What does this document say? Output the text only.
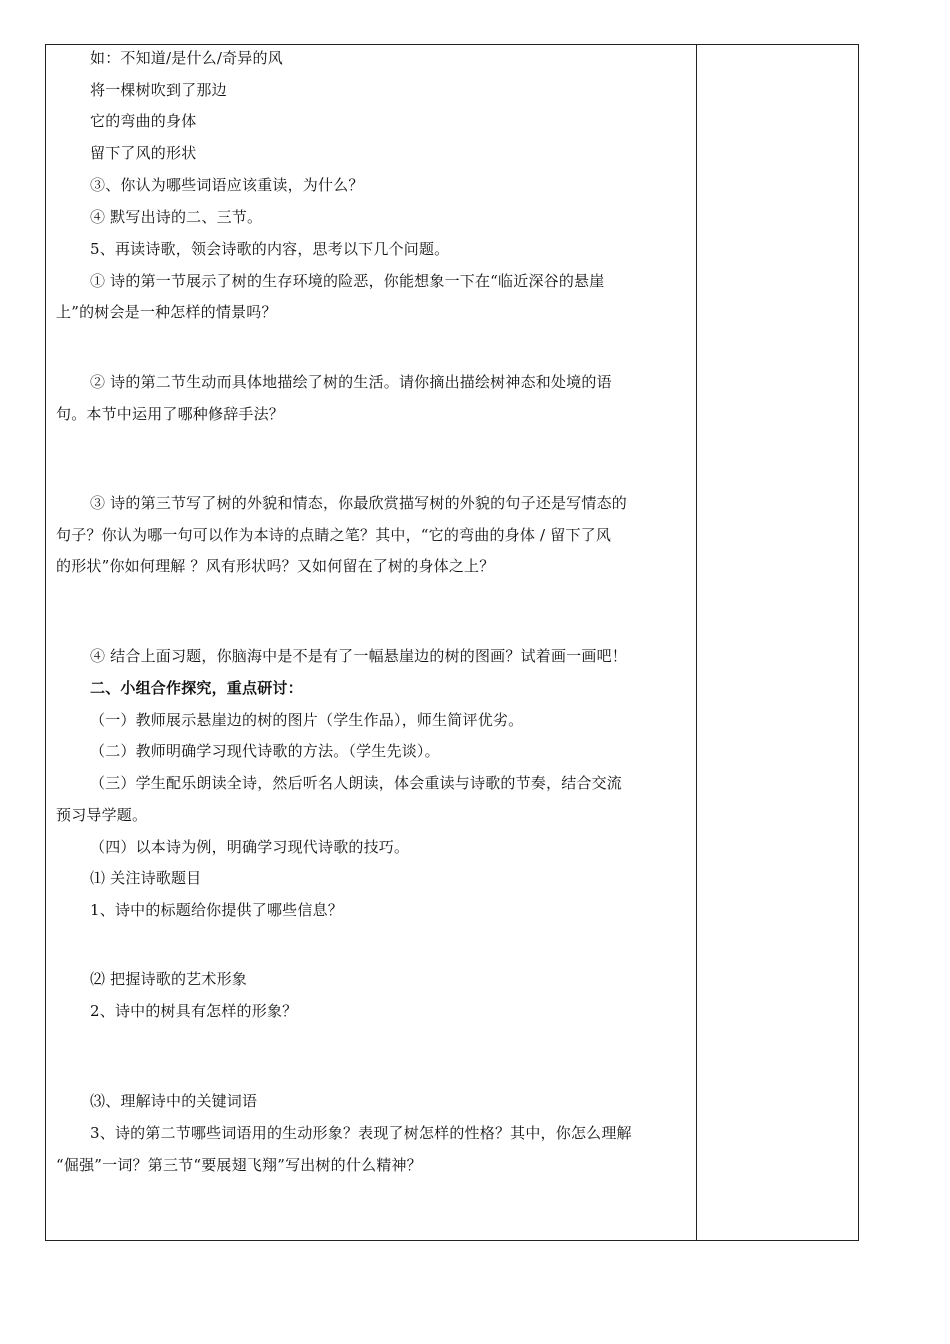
如：不知道/是什么/奇异的风
将一棵树吹到了那边
它的弯曲的身体
留下了风的形状
③、你认为哪些词语应该重读，为什么？
④ 默写出诗的二、三节。
5、再读诗歌，领会诗歌的内容，思考以下几个问题。
① 诗的第一节展示了树的生存环境的险恶，你能想象一下在“临近深谷的悬崖
上”的树会是一种怎样的情景吗？
② 诗的第二节生动而具体地描绘了树的生活。请你摘出描绘树神态和处境的语
句。本节中运用了哪种修辞手法？
③ 诗的第三节写了树的外貌和情态，你最欣赏描写树的外貌的句子还是写情态的
句子？你认为哪一句可以作为本诗的点睛之笔？其中，“它的弯曲的身体 / 留下了风
的形状”你如何理解 ？风有形状吗？又如何留在了树的身体之上？
④ 结合上面习题，你脑海中是不是有了一幅悬崖边的树的图画？试着画一画吧！
二、小组合作探究，重点研讨：
（一）教师展示悬崖边的树的图片（学生作品），师生简评优劣。
（二）教师明确学习现代诗歌的方法。（学生先谈）。
（三）学生配乐朗读全诗，然后听名人朗读，体会重读与诗歌的节奏，结合交流
预习导学题。
（四）以本诗为例，明确学习现代诗歌的技巧。
⑴ 关注诗歌题目
1、诗中的标题给你提供了哪些信息？
⑵ 把握诗歌的艺术形象
2、诗中的树具有怎样的形象？
⑶、理解诗中的关键词语
3、诗的第二节哪些词语用的生动形象？表现了树怎样的性格？其中，你怎么理解
“倔强”一词？第三节“要展翅飞翔”写出树的什么精神？
